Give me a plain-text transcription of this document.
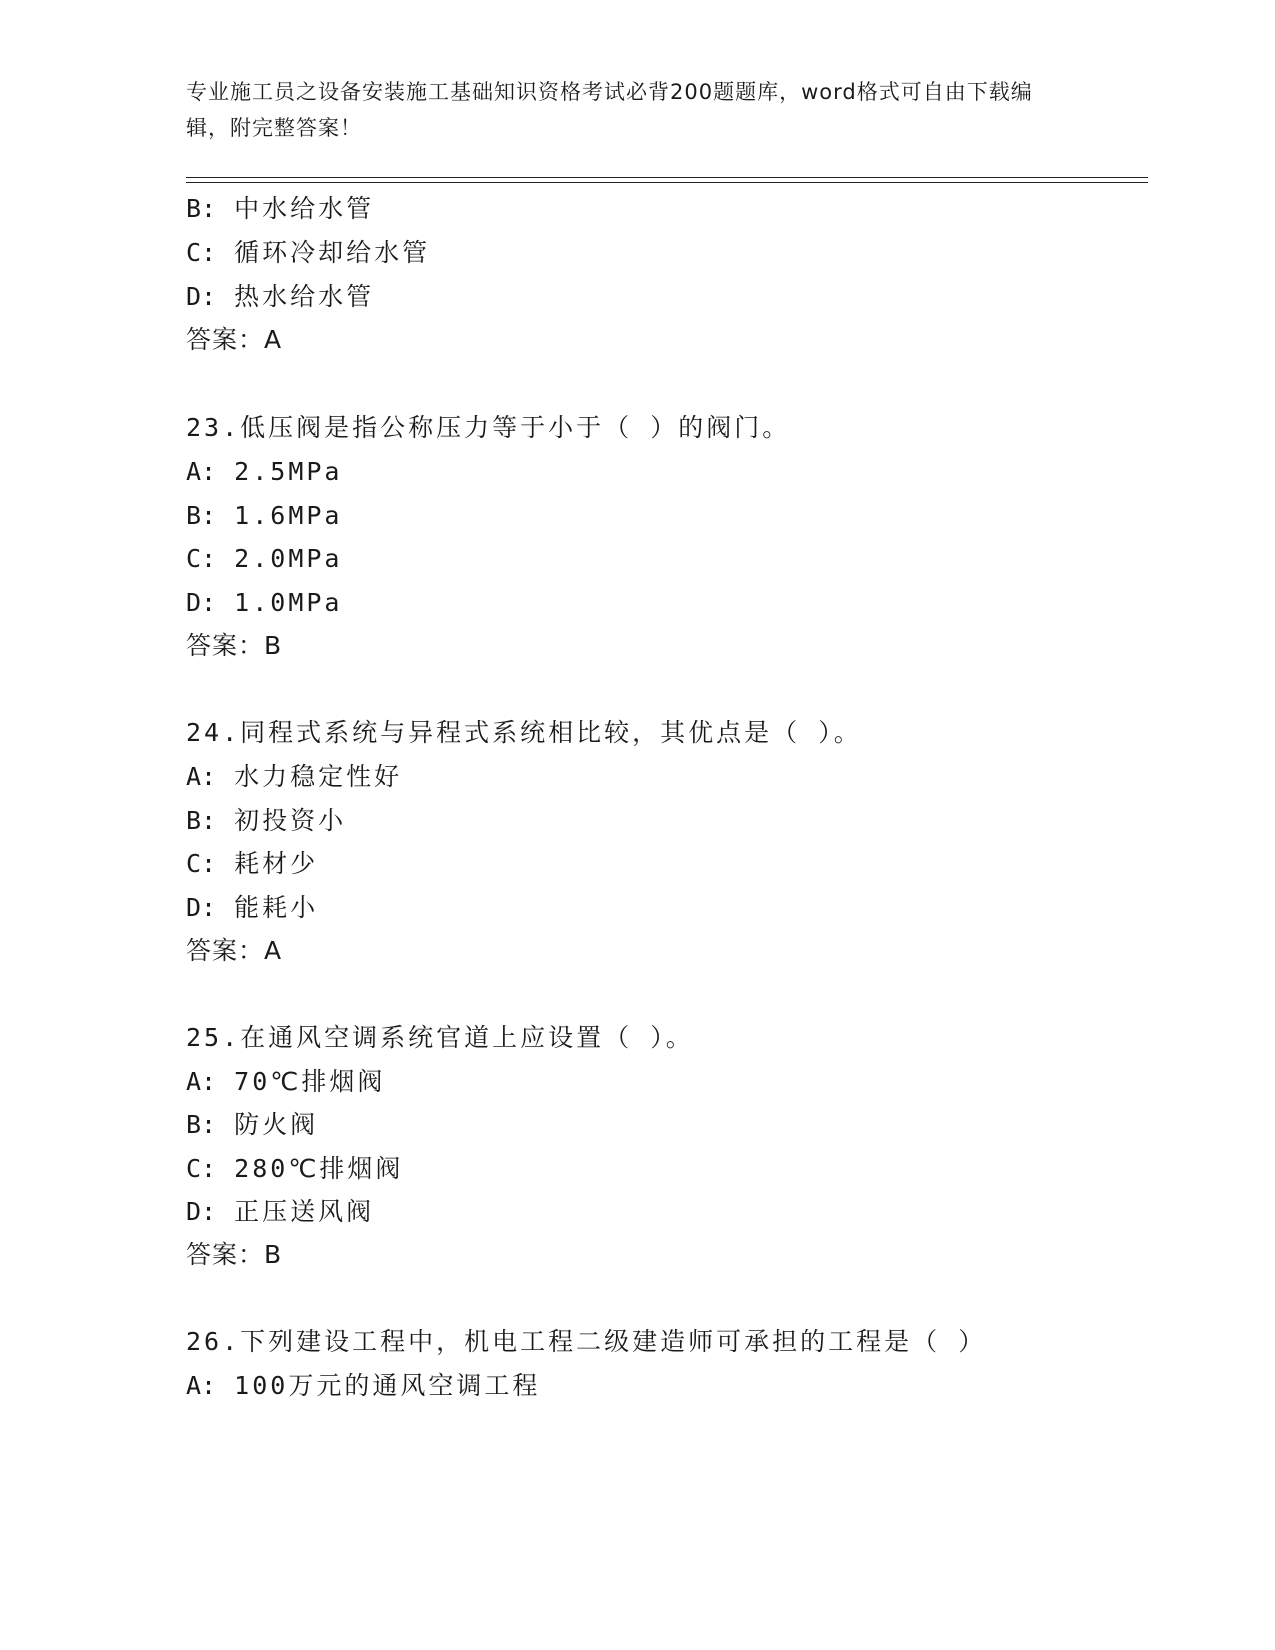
专业施工员之设备安装施工基础知识资格考试必背200题题库，word格式可自由下载编辑，附完整答案！
B: 中水给水管
C: 循环冷却给水管
D: 热水给水管
答案：A
23.低压阀是指公称压力等于小于（ ）的阀门。
A: 2.5MPa
B: 1.6MPa
C: 2.0MPa
D: 1.0MPa
答案：B
24.同程式系统与异程式系统相比较，其优点是（ ）。
A: 水力稳定性好
B: 初投资小
C: 耗材少
D: 能耗小
答案：A
25.在通风空调系统官道上应设置（ ）。
A: 70℃排烟阀
B: 防火阀
C: 280℃排烟阀
D: 正压送风阀
答案：B
26.下列建设工程中，机电工程二级建造师可承担的工程是（ ）
A: 100万元的通风空调工程
